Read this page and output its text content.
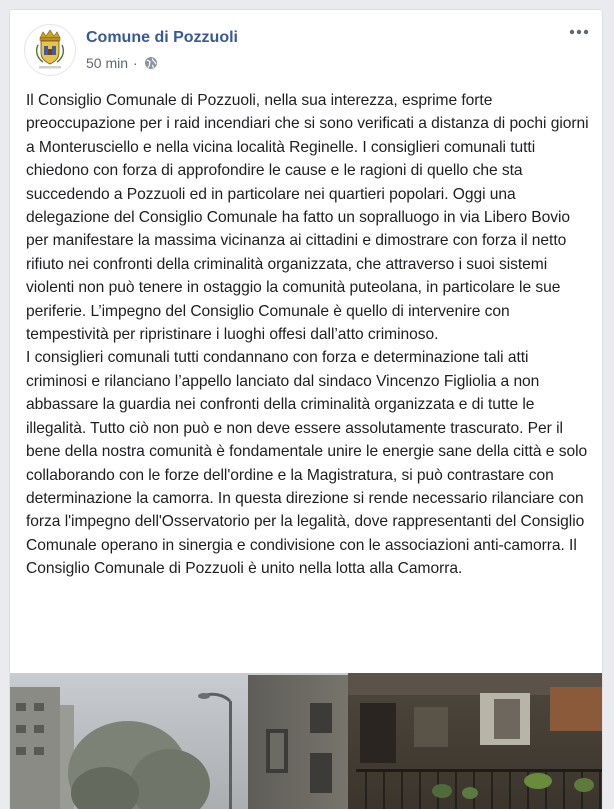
Comune di Pozzuoli
50 min ·

Il Consiglio Comunale di Pozzuoli, nella sua interezza, esprime forte preoccupazione per i raid incendiari che si sono verificati a distanza di pochi giorni a Monterusciello e nella vicina località Reginelle. I consiglieri comunali tutti chiedono con forza di approfondire le cause e le ragioni di quello che sta succedendo a Pozzuoli ed in particolare nei quartieri popolari. Oggi una delegazione del Consiglio Comunale ha fatto un sopralluogo in via Libero Bovio per manifestare la massima vicinanza ai cittadini e dimostrare con forza il netto rifiuto nei confronti della criminalità organizzata, che attraverso i suoi sistemi violenti non può tenere in ostaggio la comunità puteolana, in particolare le sue periferie. L’impegno del Consiglio Comunale è quello di intervenire con tempestività per ripristinare i luoghi offesi dall’atto criminoso.

I consiglieri comunali tutti condannano con forza e determinazione tali atti criminosi e rilanciano l’appello lanciato dal sindaco Vincenzo Figliolia a non abbassare la guardia nei confronti della criminalità organizzata e di tutte le illegalità. Tutto ciò non può e non deve essere assolutamente trascurato. Per il bene della nostra comunità è fondamentale unire le energie sane della città e solo collaborando con le forze dell'ordine e la Magistratura, si può contrastare con determinazione la camorra. In questa direzione si rende necessario rilanciare con forza l'impegno dell'Osservatorio per la legalità, dove rappresentanti del Consiglio Comunale operano in sinergia e condivisione con le associazioni anti-camorra. Il Consiglio Comunale di Pozzuoli è unito nella lotta alla Camorra.
